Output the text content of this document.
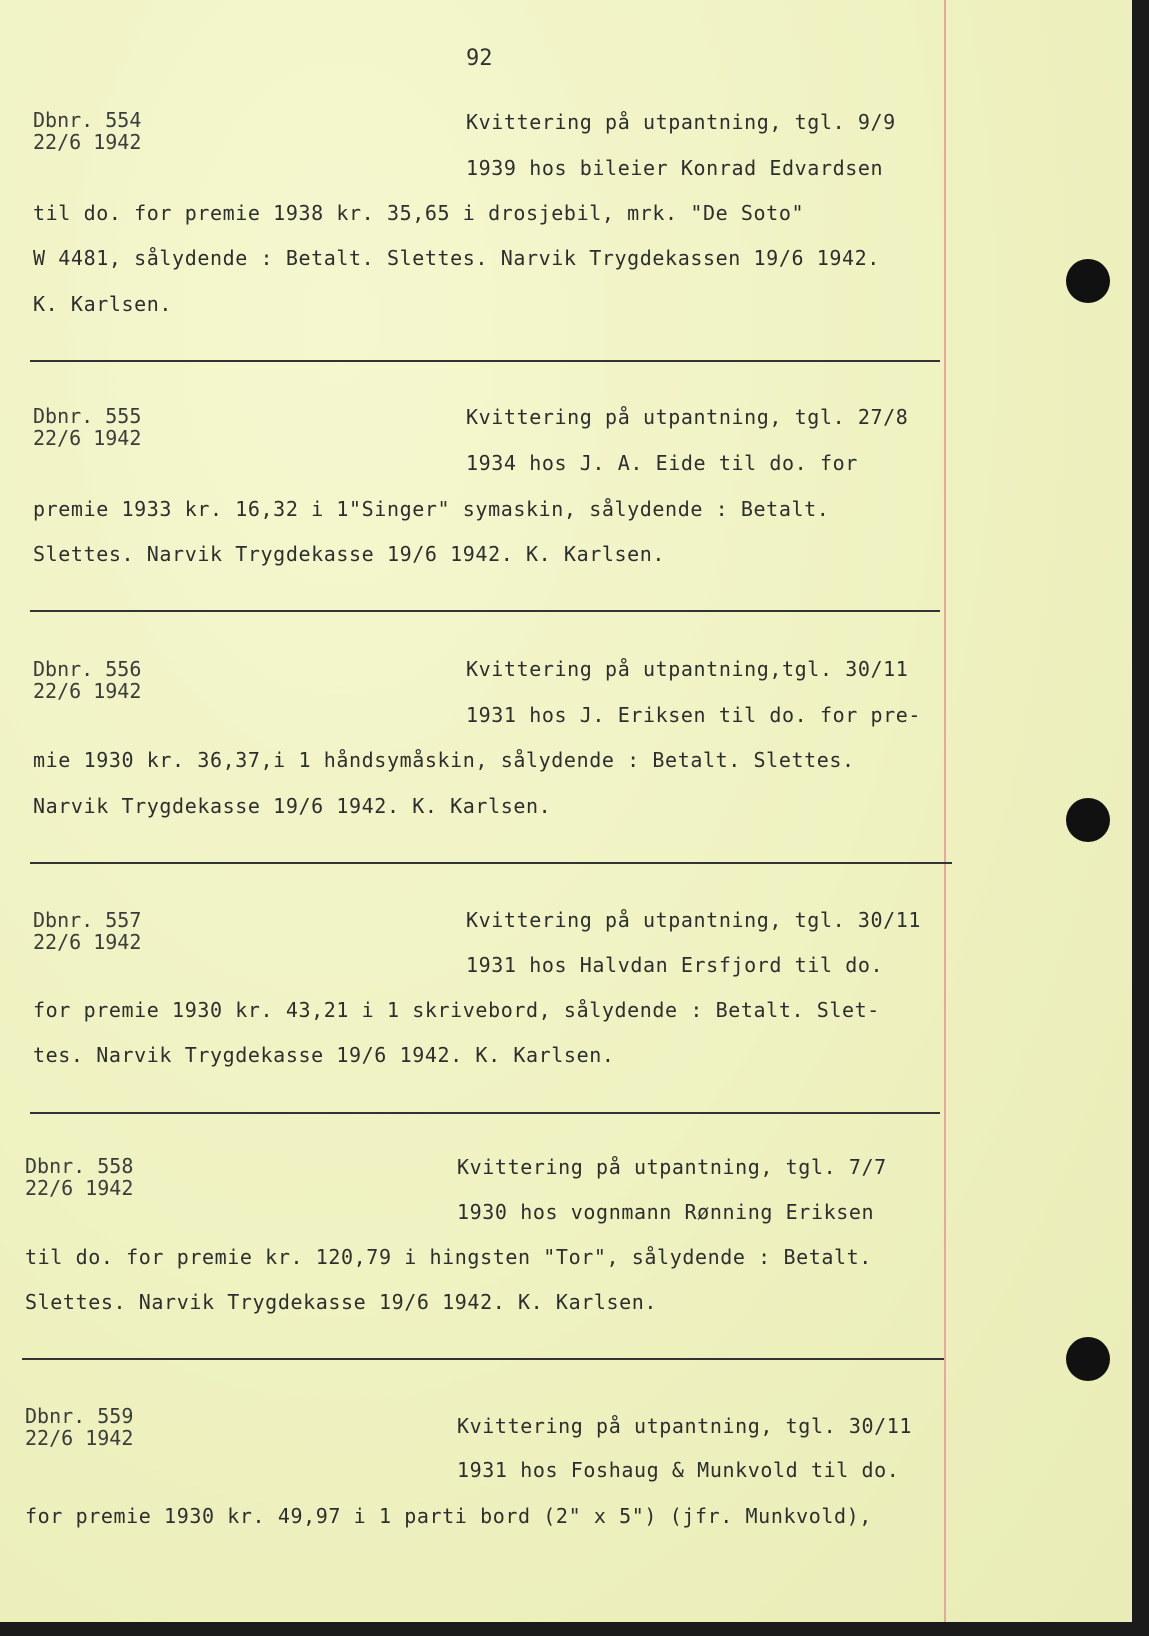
92
Dbnr. 554
22/6 1942
Kvittering på utpantning, tgl. 9/9
1939 hos bileier Konrad Edvardsen
til do. for premie 1938 kr. 35,65 i drosjebil, mrk. "De Soto"
W 4481, sålydende : Betalt. Slettes. Narvik Trygdekassen 19/6 1942.
K. Karlsen.
Dbnr. 555
22/6 1942
Kvittering på utpantning, tgl. 27/8
1934 hos J. A. Eide til do. for
premie 1933 kr. 16,32 i 1"Singer" symaskin, sålydende : Betalt.
Slettes. Narvik Trygdekasse 19/6 1942. K. Karlsen.
Dbnr. 556
22/6 1942
Kvittering på utpantning,tgl. 30/11
1931 hos J. Eriksen til do. for pre-
mie 1930 kr. 36,37,i 1 håndsymåskin, sålydende : Betalt. Slettes.
Narvik Trygdekasse 19/6 1942. K. Karlsen.
Dbnr. 557
22/6 1942
Kvittering på utpantning, tgl. 30/11
1931 hos Halvdan Ersfjord til do.
for premie 1930 kr. 43,21 i 1 skrivebord, sålydende : Betalt. Slet-
tes. Narvik Trygdekasse 19/6 1942. K. Karlsen.
Dbnr. 558
22/6 1942
Kvittering på utpantning, tgl. 7/7
1930 hos vognmann Rønning Eriksen
til do. for premie kr. 120,79 i hingsten "Tor", sålydende : Betalt.
Slettes. Narvik Trygdekasse 19/6 1942. K. Karlsen.
Dbnr. 559
22/6 1942	Kvittering på utpantning, tgl. 30/11
1931 hos Foshaug & Munkvold til do.
for premie 1930 kr. 49,97 i 1 parti bord (2" x 5") (jfr. Munkvold),
